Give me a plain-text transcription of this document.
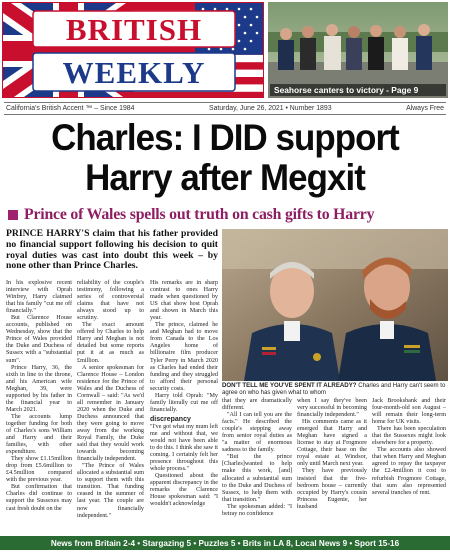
BRITISH
WEEKLY	Seahorse canters to victory - Page 9
California's British Accent ™ – Since 1984	Saturday, June 26, 2021 • Number 1893	Always Free
Charles: I DID support
Harry after Megxit
Prince of Wales spells out truth on cash gifts to Harry

PRINCE HARRY'S claim that his father provided no financial support following his decision to quit royal duties was cast into doubt this week – by none other than Prince Charles.

DON'T TELL ME YOU'VE SPENT IT ALREADY? Charles and Harry can't seem to agree on who has given what to whom

In his explosive recent interview with Oprah Winfrey, Harry claimed that his family "cut me off financially."

But Clarence House accounts, published on Wednesday, show that the Prince of Wales provided the Duke and Duchess of Sussex with a "substantial sum".

Prince Harry, 36, the sixth in line to the throne, and his American wife Meghan, 39, were supported by his father in the financial year to March 2021.

The accounts lump together funding for both of Charles's sons William and Harry and their families, with other expenditure.

They show £1.15million drop from £5.6million to £4.5million compared with the previous year.

But confirmation that Charles did continue to support the Sussexes may cast fresh doubt on the

reliability of the couple's testimony, following a series of controversial claims that have not always stood up to scrutiny.

The exact amount offered by Charles to help Harry and Meghan is not detailed but some reports put it at as much as £million.

A senior spokesman for Clarence House – London residence for the Prince of Wales and the Duchess of Cornwall – said: "As we'd all remember in January 2020 when the Duke and Duchess announced that they were going to move away from the working Royal Family, the Duke said that they would work towards becoming financially independent.

"The Prince of Wales allocated a substantial sum to support them with this transition. That funding ceased in the summer of last year. The couple are now financially independent."

His remarks are in sharp contrast to ones Harry made when questioned by US chat show host Oprah and shown in March this year.

The prince, claimed he and Meghan had to move from Canada to the Los Angeles home of billionaire film producer Tyler Perry in March 2020 as Charles had ended their funding and they struggled to afford their personal security costs.

Harry told Oprah: "My family literally cut me off financially.

discrepancy

"I've got what my mum left me and without that, we would not have been able to do this. I think she saw it coming. I certainly felt her presence throughout this whole process."

Questioned about the apparent discrepancy in the remarks the Clarence House spokesman said: "I wouldn't acknowledge

that they are dramatically different.

"All I can tell you are the facts." He described the couple's stepping away from senior royal duties as "a matter of enormous sadness to the family.

"But the prince [Charles]wanted to help make this work, [and] allocated a substantial sum to the Duke and Duchess of Sussex, to help them with that transition."

The spokesman added: "I betray no confidence

when I say they've been very successful in becoming financially independent."

His comments came as it emerged that Harry and Meghan have signed a license to stay at Frogmore Cottage, their base on the royal estate at Windsor, only until March next year.

They have previously insisted that the five-bedroom house – currently occupied by Harry's cousin Princess Eugenie, her husband

Jack Brooksbank and their four-month-old son August – will remain their long-term home for UK visits.

There has been speculation that the Sussexes might look elsewhere for a property.

The accounts also showed that when Harry and Meghan agreed to repay the taxpayer the £2.4million it cost to refurbish Frogmore Cottage, that sum also represented several tranches of rent.

News from Britain 2-4 • Stargazing 5 • Puzzles 5 • Brits in LA 8, Local News 9 • Sport 15-16
